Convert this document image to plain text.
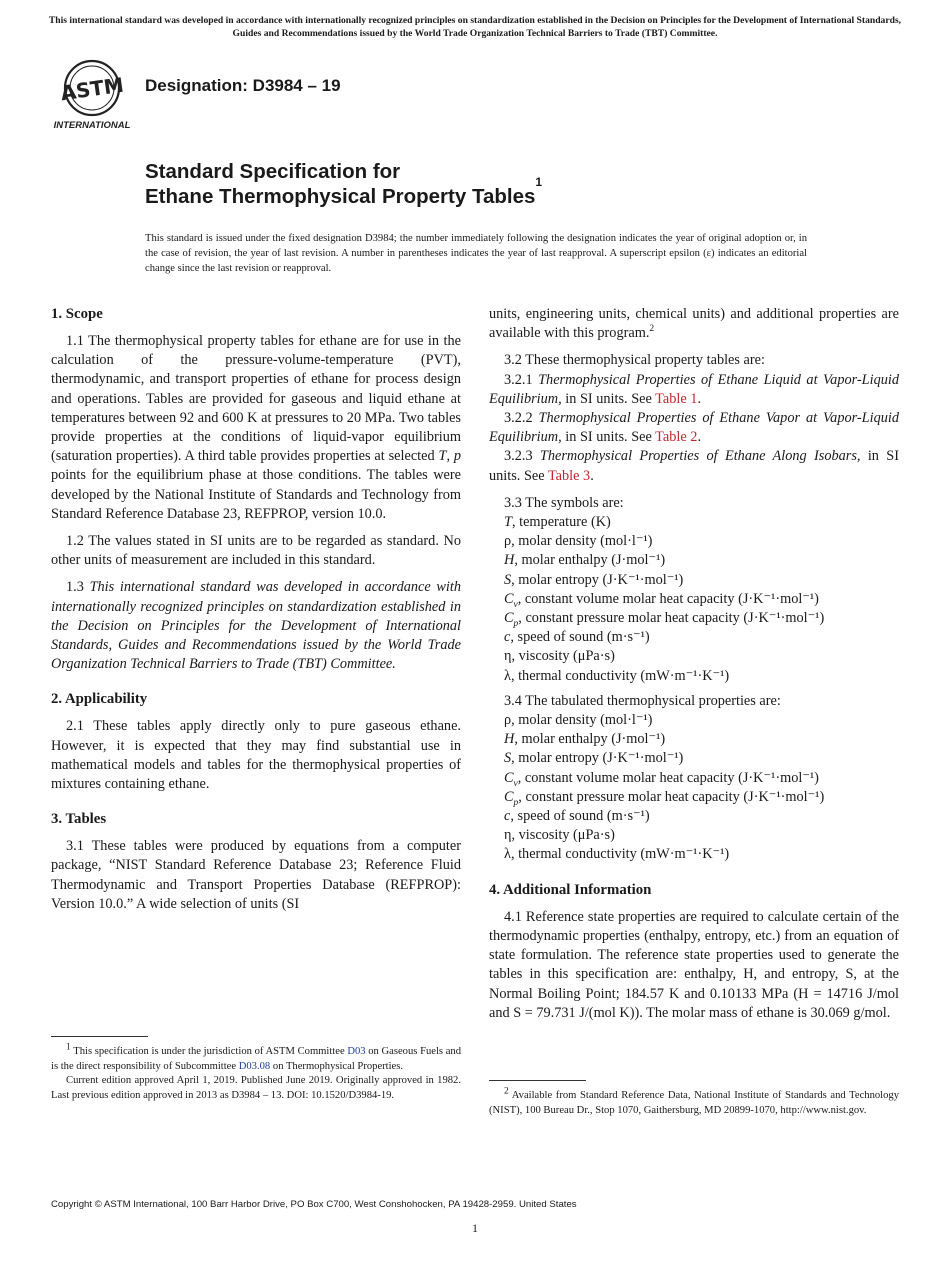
This international standard was developed in accordance with internationally recognized principles on standardization established in the Decision on Principles for the Development of International Standards, Guides and Recommendations issued by the World Trade Organization Technical Barriers to Trade (TBT) Committee.
ASTM
INTERNATIONAL
Designation: D3984 – 19
Standard Specification for
Ethane Thermophysical Property Tables$^1$
This standard is issued under the fixed designation D3984; the number immediately following the designation indicates the year of original adoption or, in the case of revision, the year of last revision. A number in parentheses indicates the year of last reapproval. A superscript epsilon (ε) indicates an editorial change since the last revision or reapproval.
1. Scope

1.1 The thermophysical property tables for ethane are for use in the calculation of the pressure-volume-temperature (PVT), thermodynamic, and transport properties of ethane for process design and operations. Tables are provided for gaseous and liquid ethane at temperatures between 92 and 600 K at pressures to 20 MPa. Two tables provide properties at the conditions of liquid-vapor equilibrium (saturation properties). A third table provides properties at selected T, p points for the equilibrium phase at those conditions. The tables were developed by the National Institute of Standards and Technology from Standard Reference Database 23, REFPROP, version 10.0.

1.2 The values stated in SI units are to be regarded as standard. No other units of measurement are included in this standard.

1.3 This international standard was developed in accordance with internationally recognized principles on standardization established in the Decision on Principles for the Development of International Standards, Guides and Recommendations issued by the World Trade Organization Technical Barriers to Trade (TBT) Committee.

2. Applicability

2.1 These tables apply directly only to pure gaseous ethane. However, it is expected that they may find substantial use in mathematical models and tables for the thermophysical properties of mixtures containing ethane.

3. Tables

3.1 These tables were produced by equations from a computer package, “NIST Standard Reference Database 23; Reference Fluid Thermodynamic and Transport Properties Database (REFPROP): Version 10.0.” A wide selection of units (SI

units, engineering units, chemical units) and additional properties are available with this program.$^2$

3.2 These thermophysical property tables are:

3.2.1 Thermophysical Properties of Ethane Liquid at Vapor-Liquid Equilibrium, in SI units. See Table 1.

3.2.2 Thermophysical Properties of Ethane Vapor at Vapor-Liquid Equilibrium, in SI units. See Table 2.

3.2.3 Thermophysical Properties of Ethane Along Isobars, in SI units. See Table 3.

3.3 The symbols are:

T, temperature (K)
ρ, molar density (mol·l⁻¹)
H, molar enthalpy (J·mol⁻¹)
S, molar entropy (J·K⁻¹·mol⁻¹)
$C_v$, constant volume molar heat capacity (J·K⁻¹·mol⁻¹)
$C_p$, constant pressure molar heat capacity (J·K⁻¹·mol⁻¹)
c, speed of sound (m·s⁻¹)
η, viscosity (μPa·s)
λ, thermal conductivity (mW·m⁻¹·K⁻¹)

3.4 The tabulated thermophysical properties are:

ρ, molar density (mol·l⁻¹)
H, molar enthalpy (J·mol⁻¹)
S, molar entropy (J·K⁻¹·mol⁻¹)
$C_v$, constant volume molar heat capacity (J·K⁻¹·mol⁻¹)
$C_p$, constant pressure molar heat capacity (J·K⁻¹·mol⁻¹)
c, speed of sound (m·s⁻¹)
η, viscosity (μPa·s)
λ, thermal conductivity (mW·m⁻¹·K⁻¹)
4. Additional Information

4.1 Reference state properties are required to calculate certain of the thermodynamic properties (enthalpy, entropy, etc.) from an equation of state formulation. The reference state properties used to generate the tables in this specification are: enthalpy, H, and entropy, S, at the Normal Boiling Point; 184.57 K and 0.10133 MPa (H = 14716 J/mol and S = 79.731 J/(mol K)). The molar mass of ethane is 30.069 g/mol.

$^1$ This specification is under the jurisdiction of ASTM Committee D03 on Gaseous Fuels and is the direct responsibility of Subcommittee D03.08 on Thermophysical Properties.

Current edition approved April 1, 2019. Published June 2019. Originally approved in 1982. Last previous edition approved in 2013 as D3984 – 13. DOI: 10.1520/D3984-19.	$^2$ Available from Standard Reference Data, National Institute of Standards and Technology (NIST), 100 Bureau Dr., Stop 1070, Gaithersburg, MD 20899-1070, http://www.nist.gov.

Copyright © ASTM International, 100 Barr Harbor Drive, PO Box C700, West Conshohocken, PA 19428-2959. United States
1
